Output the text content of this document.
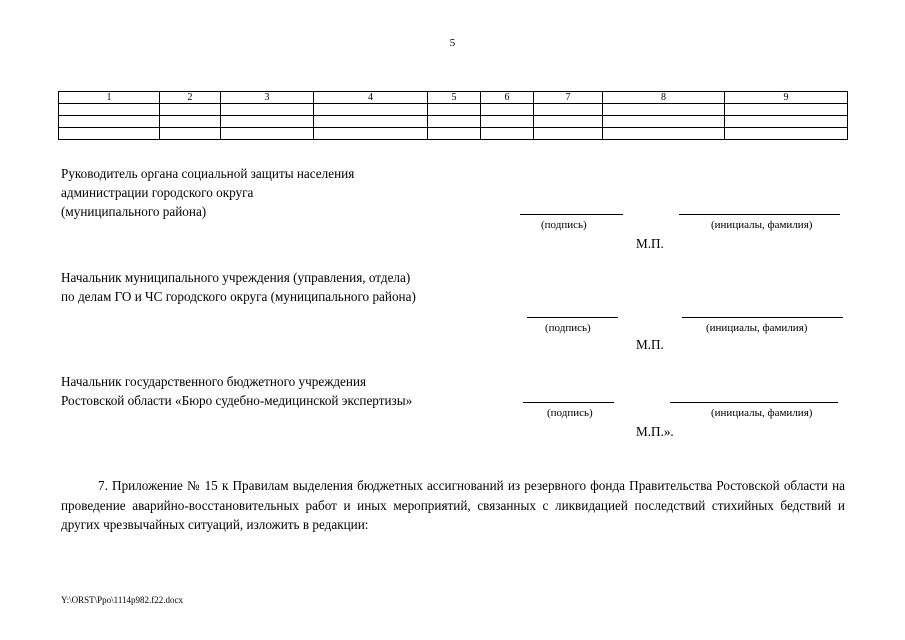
5
1	2	3	4	5	6	7	8	9

Руководитель органа социальной защиты населения
администрации городского округа
(муниципального района)
(подпись)	(инициалы, фамилия)
М.П.
Начальник муниципального учреждения (управления, отдела)
по делам ГО и ЧС городского округа (муниципального района)
(подпись)	(инициалы, фамилия)
М.П.
Начальник государственного бюджетного учреждения
Ростовской области «Бюро судебно-медицинской экспертизы»
(подпись)	(инициалы, фамилия)
М.П.».
7. Приложение № 15 к Правилам выделения бюджетных ассигнований из резервного фонда Правительства Ростовской области на проведение аварийно-восстановительных работ и иных мероприятий, связанных с ликвидацией последствий стихийных бедствий и других чрезвычайных ситуаций, изложить в редакции:
Y:\ORST\Ppo\1114p982.f22.docx
